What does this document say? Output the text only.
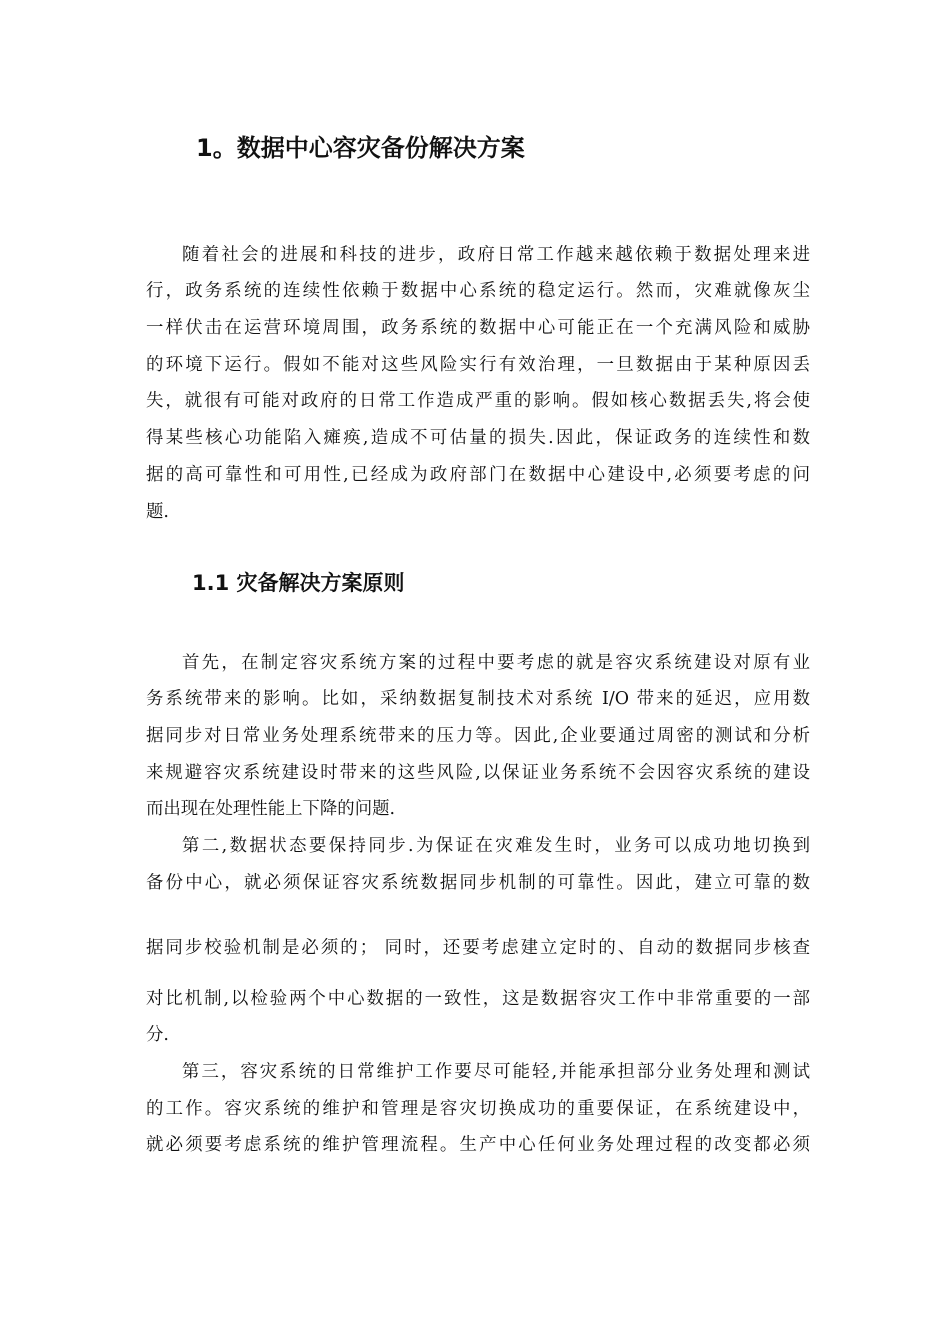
1。数据中心容灾备份解决方案
随着社会的进展和科技的进步，政府日常工作越来越依赖于数据处理来进
行，政务系统的连续性依赖于数据中心系统的稳定运行。然而，灾难就像灰尘
一样伏击在运营环境周围，政务系统的数据中心可能正在一个充满风险和威胁
的环境下运行。假如不能对这些风险实行有效治理，一旦数据由于某种原因丢
失，就很有可能对政府的日常工作造成严重的影响。假如核心数据丢失,将会使
得某些核心功能陷入瘫痪,造成不可估量的损失.因此，保证政务的连续性和数
据的高可靠性和可用性,已经成为政府部门在数据中心建设中,必须要考虑的问
题.
1.1 灾备解决方案原则
首先，在制定容灾系统方案的过程中要考虑的就是容灾系统建设对原有业
务系统带来的影响。比如，采纳数据复制技术对系统 I/O 带来的延迟，应用数
据同步对日常业务处理系统带来的压力等。因此,企业要通过周密的测试和分析
来规避容灾系统建设时带来的这些风险,以保证业务系统不会因容灾系统的建设
而出现在处理性能上下降的问题.
第二,数据状态要保持同步.为保证在灾难发生时，业务可以成功地切换到
备份中心，就必须保证容灾系统数据同步机制的可靠性。因此，建立可靠的数
据同步校验机制是必须的； 同时，还要考虑建立定时的、自动的数据同步核查
对比机制,以检验两个中心数据的一致性，这是数据容灾工作中非常重要的一部
分.
第三，容灾系统的日常维护工作要尽可能轻,并能承担部分业务处理和测试
的工作。容灾系统的维护和管理是容灾切换成功的重要保证，在系统建设中，
就必须要考虑系统的维护管理流程。生产中心任何业务处理过程的改变都必须
